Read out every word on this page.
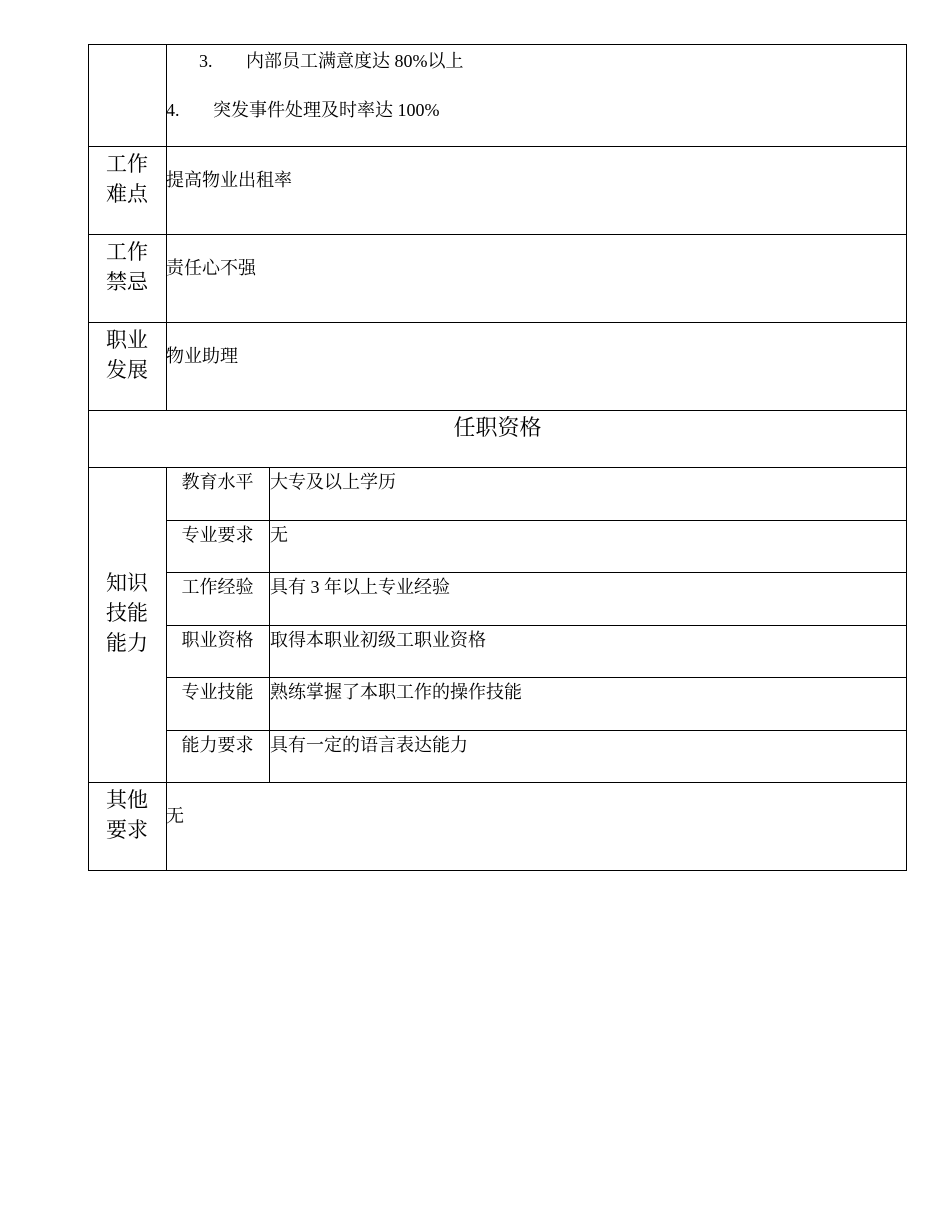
3. 内部员工满意度达 80%以上
4. 突发事件处理及时率达 100%
工作
难点
提高物业出租率
工作
禁忌
责任心不强
职业
发展
物业助理
任职资格
知识
技能
能力
教育水平 大专及以上学历
专业要求 无
工作经验 具有 3 年以上专业经验
职业资格 取得本职业初级工职业资格
专业技能 熟练掌握了本职工作的操作技能
能力要求 具有一定的语言表达能力
其他
要求
无
